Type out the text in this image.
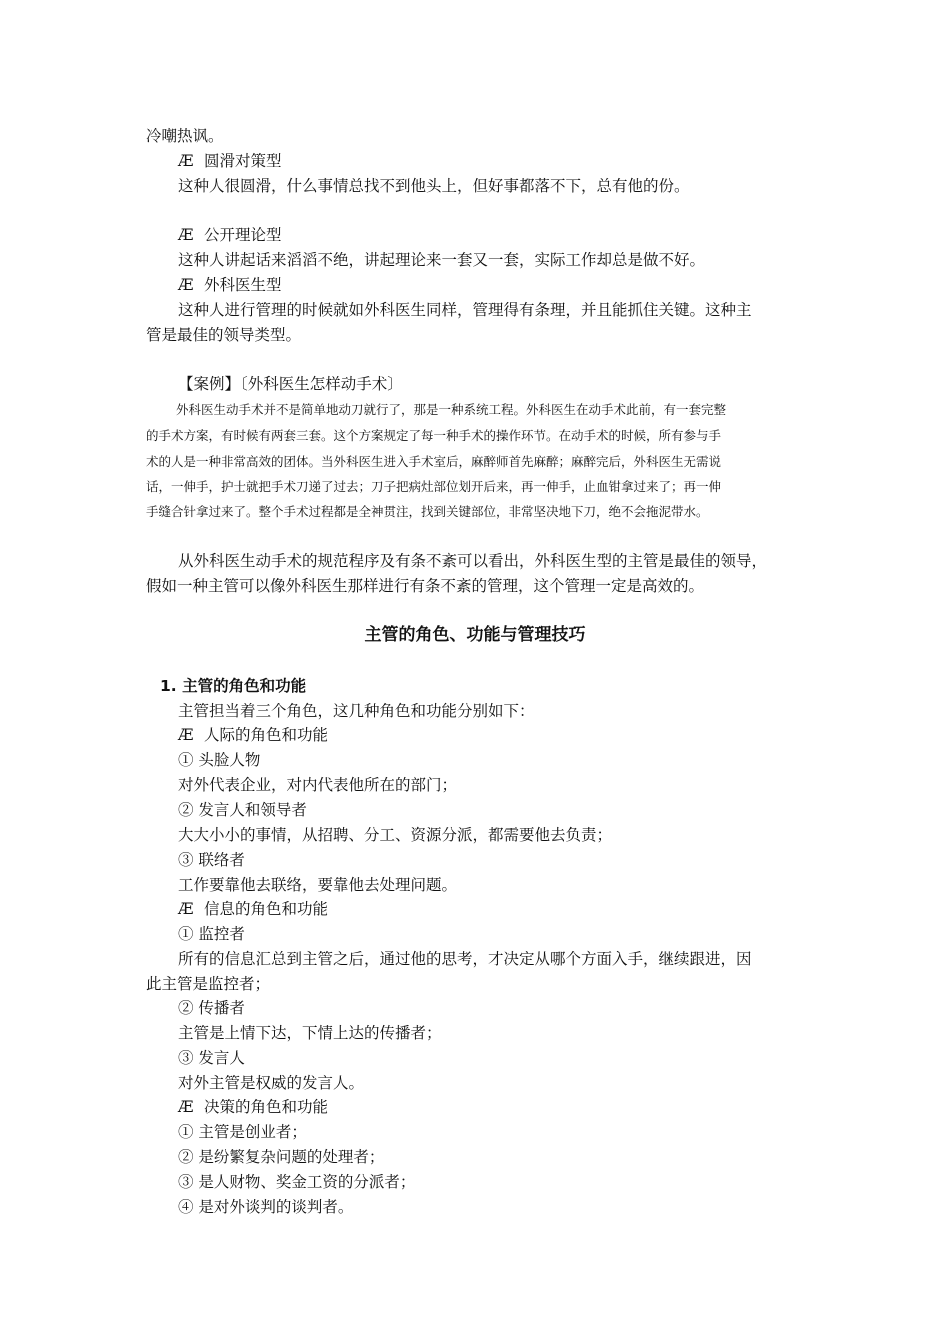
冷嘲热讽。
Æ 圆滑对策型
这种人很圆滑，什么事情总找不到他头上，但好事都落不下，总有他的份。
Æ 公开理论型
这种人讲起话来滔滔不绝，讲起理论来一套又一套，实际工作却总是做不好。
Æ 外科医生型
这种人进行管理的时候就如外科医生同样，管理得有条理，并且能抓住关键。这种主
管是最佳的领导类型。
【案例】〔外科医生怎样动手术〕
外科医生动手术并不是简单地动刀就行了，那是一种系统工程。外科医生在动手术此前，有一套完整
的手术方案，有时候有两套三套。这个方案规定了每一种手术的操作环节。在动手术的时候，所有参与手
术的人是一种非常高效的团体。当外科医生进入手术室后，麻醉师首先麻醉；麻醉完后，外科医生无需说
话，一伸手，护士就把手术刀递了过去；刀子把病灶部位划开后来，再一伸手，止血钳拿过来了；再一伸
手缝合针拿过来了。整个手术过程都是全神贯注，找到关键部位，非常坚决地下刀，绝不会拖泥带水。
从外科医生动手术的规范程序及有条不紊可以看出，外科医生型的主管是最佳的领导，
假如一种主管可以像外科医生那样进行有条不紊的管理，这个管理一定是高效的。
主管的角色、功能与管理技巧
1. 主管的角色和功能
主管担当着三个角色，这几种角色和功能分别如下：
Æ 人际的角色和功能
① 头脸人物
对外代表企业，对内代表他所在的部门；
② 发言人和领导者
大大小小的事情，从招聘、分工、资源分派，都需要他去负责；
③ 联络者
工作要靠他去联络，要靠他去处理问题。
Æ 信息的角色和功能
① 监控者
所有的信息汇总到主管之后，通过他的思考，才决定从哪个方面入手，继续跟进，因
此主管是监控者；
② 传播者
主管是上情下达，下情上达的传播者；
③ 发言人
对外主管是权威的发言人。
Æ 决策的角色和功能
① 主管是创业者；
② 是纷繁复杂问题的处理者；
③ 是人财物、奖金工资的分派者；
④ 是对外谈判的谈判者。
